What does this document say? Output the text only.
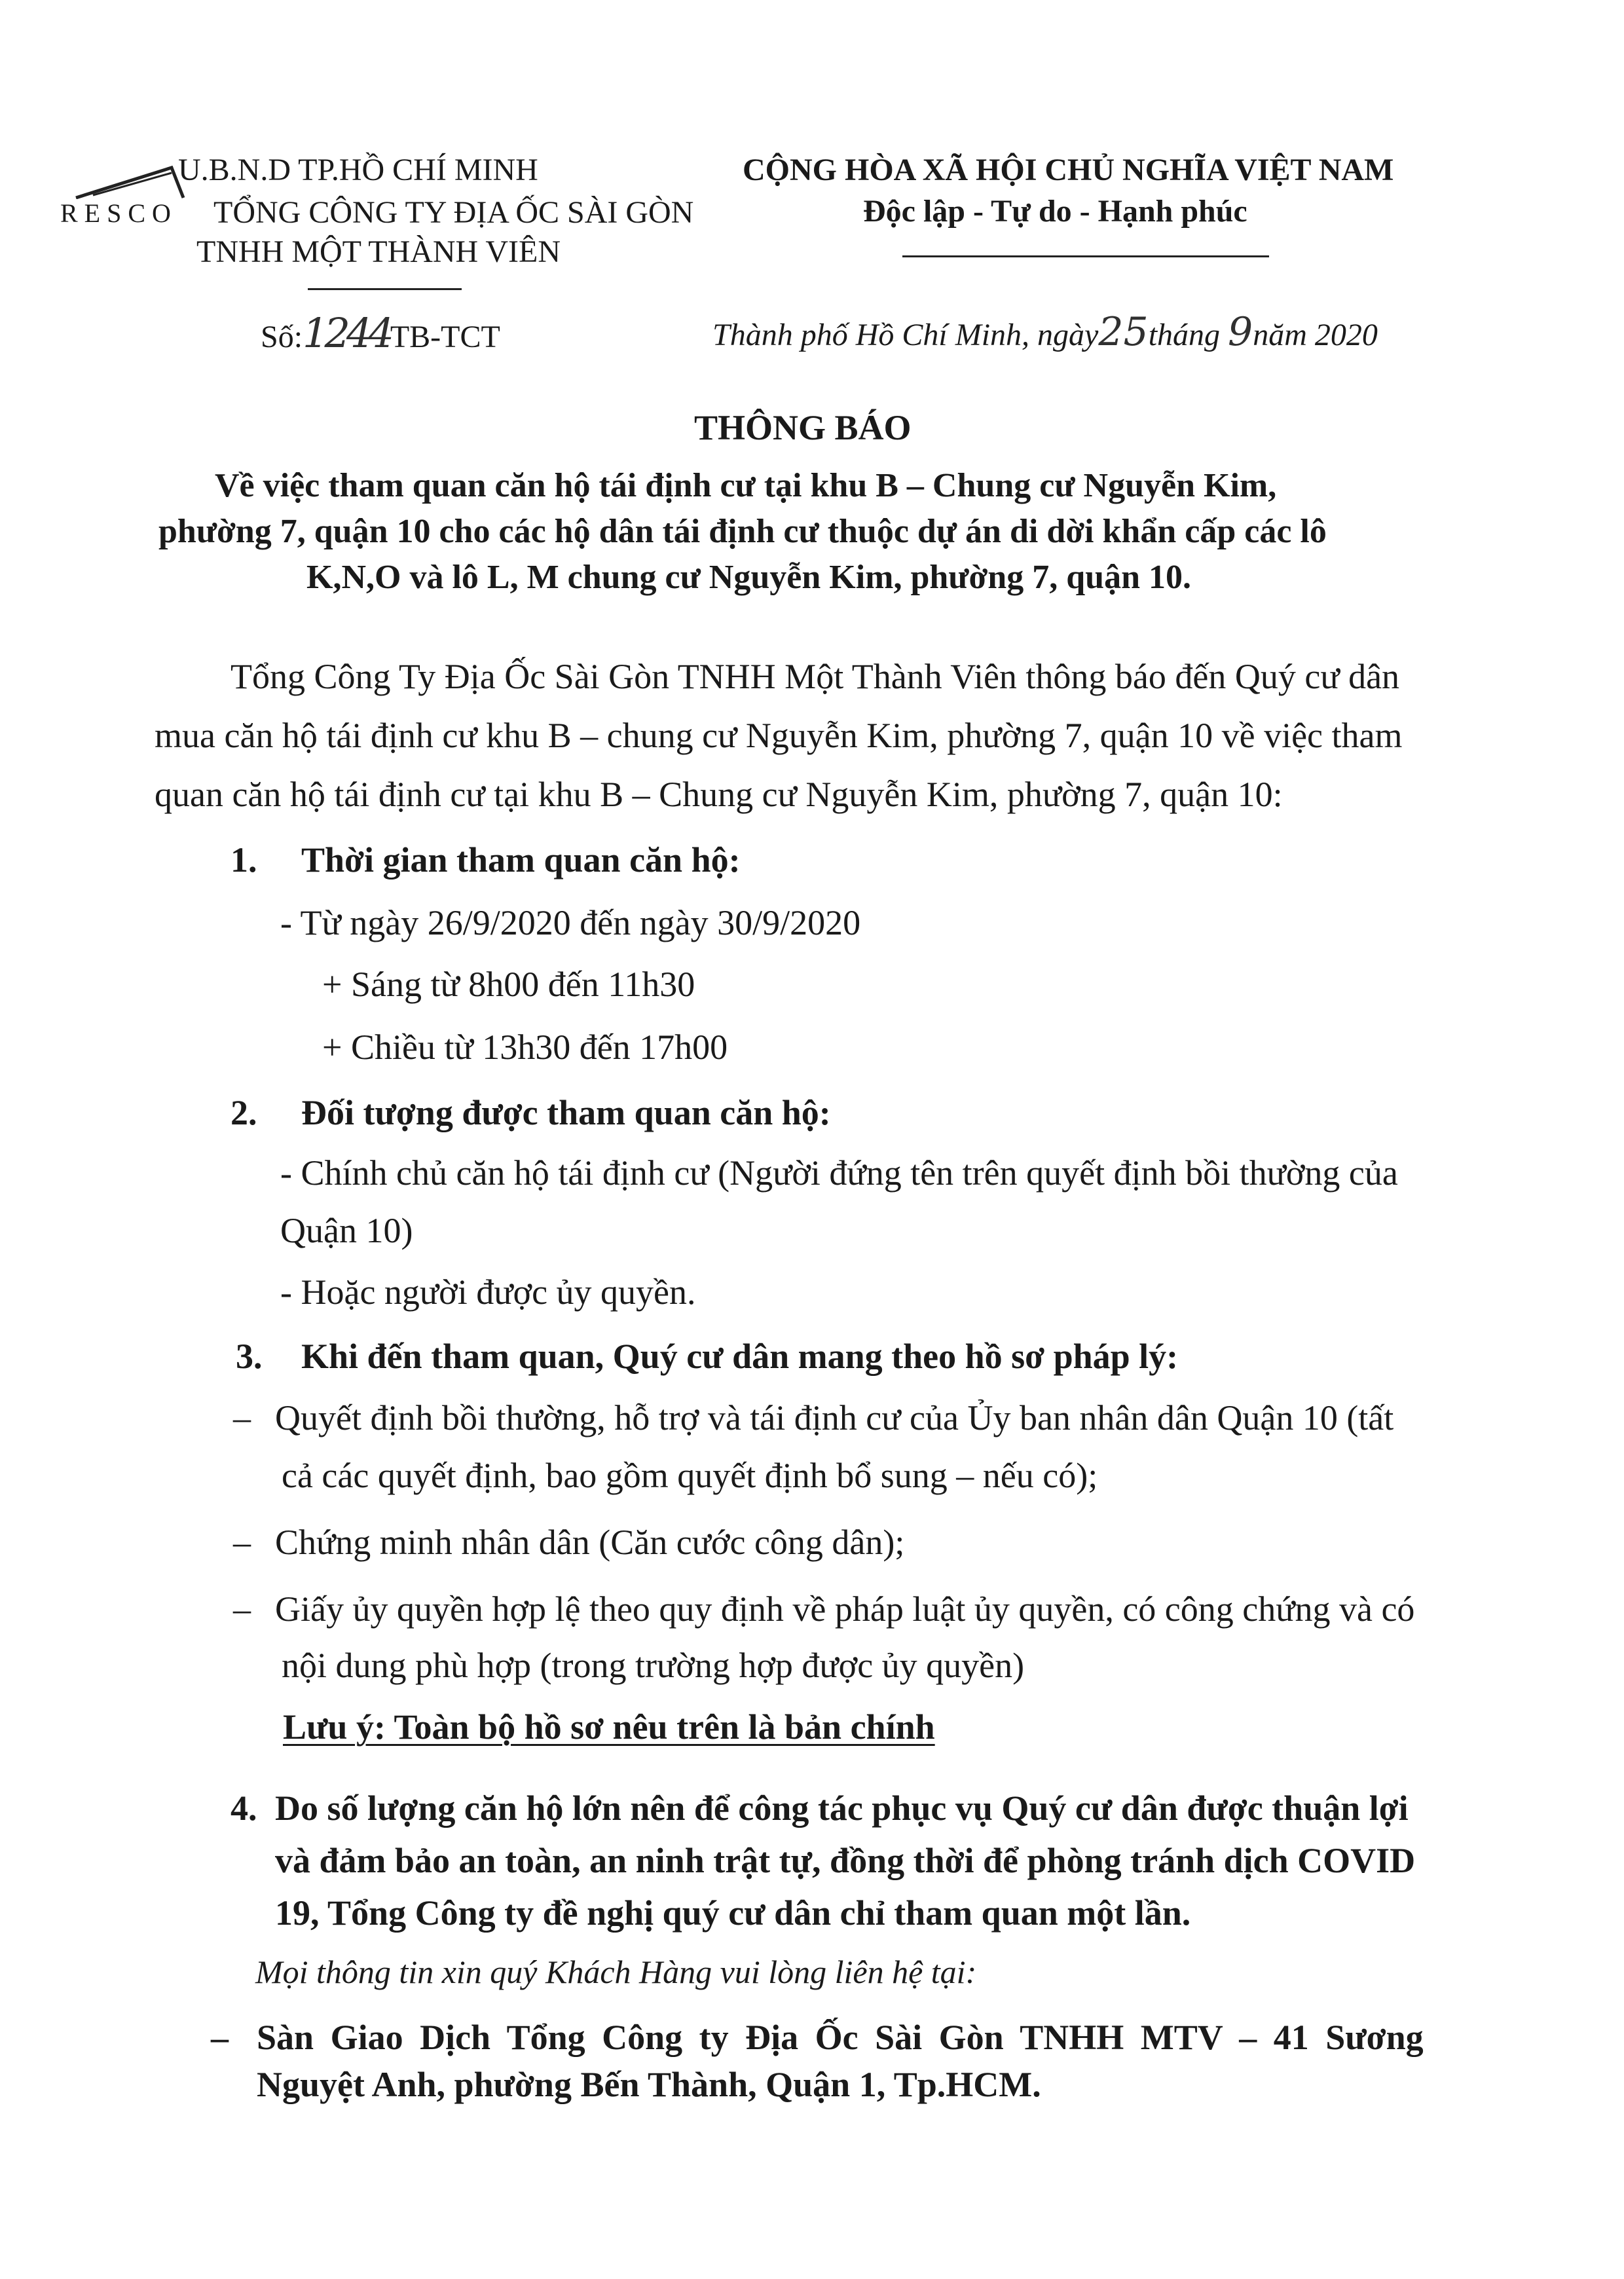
U.B.N.D TP.HỒ CHÍ MINH
RESCO TỔNG CÔNG TY ĐỊA ỐC SÀI GÒN
TNHH MỘT THÀNH VIÊN
Số:1244TB-TCT
CỘNG HÒA XÃ HỘI CHỦ NGHĨA VIỆT NAM
Độc lập - Tự do - Hạnh phúc
Thành phố Hồ Chí Minh, ngày25tháng 9năm 2020
THÔNG BÁO
Về việc tham quan căn hộ tái định cư tại khu B – Chung cư Nguyễn Kim,
phường 7, quận 10 cho các hộ dân tái định cư thuộc dự án di dời khẩn cấp các lô
K,N,O và lô L, M chung cư Nguyễn Kim, phường 7, quận 10.
Tổng Công Ty Địa Ốc Sài Gòn TNHH Một Thành Viên thông báo đến Quý cư dân
mua căn hộ tái định cư khu B – chung cư Nguyễn Kim, phường 7, quận 10 về việc tham
quan căn hộ tái định cư tại khu B – Chung cư Nguyễn Kim, phường 7, quận 10:
1. Thời gian tham quan căn hộ:
- Từ ngày 26/9/2020 đến ngày 30/9/2020
+ Sáng từ 8h00 đến 11h30
+ Chiều từ 13h30 đến 17h00
2. Đối tượng được tham quan căn hộ:
- Chính chủ căn hộ tái định cư (Người đứng tên trên quyết định bồi thường của
Quận 10)
- Hoặc người được ủy quyền.
3. Khi đến tham quan, Quý cư dân mang theo hồ sơ pháp lý:
– Quyết định bồi thường, hỗ trợ và tái định cư của Ủy ban nhân dân Quận 10 (tất
cả các quyết định, bao gồm quyết định bổ sung – nếu có);
– Chứng minh nhân dân (Căn cước công dân);
– Giấy ủy quyền hợp lệ theo quy định về pháp luật ủy quyền, có công chứng và có
nội dung phù hợp (trong trường hợp được ủy quyền)
Lưu ý: Toàn bộ hồ sơ nêu trên là bản chính
4. Do số lượng căn hộ lớn nên để công tác phục vụ Quý cư dân được thuận lợi
và đảm bảo an toàn, an ninh trật tự, đồng thời để phòng tránh dịch COVID
19, Tổng Công ty đề nghị quý cư dân chỉ tham quan một lần.
Mọi thông tin xin quý Khách Hàng vui lòng liên hệ tại:
– Sàn Giao Dịch Tổng Công ty Địa Ốc Sài Gòn TNHH MTV – 41 Sương
Nguyệt Anh, phường Bến Thành, Quận 1, Tp.HCM.
